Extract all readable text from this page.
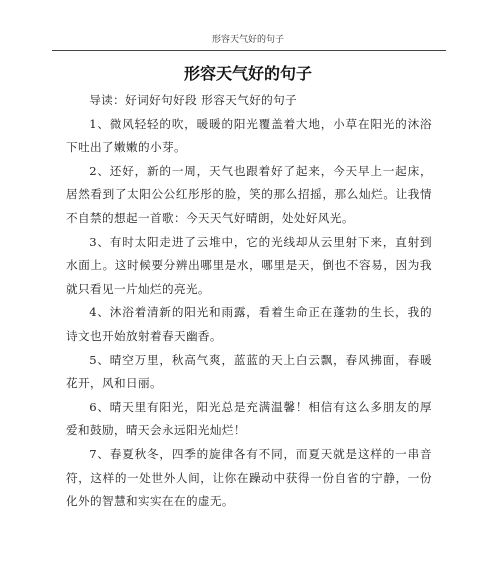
形容天气好的句子
形容天气好的句子

导读：好词好句好段 形容天气好的句子

1、微风轻轻的吹，暖暖的阳光覆盖着大地，小草在阳光的沐浴下吐出了嫩嫩的小芽。

2、还好，新的一周，天气也跟着好了起来，今天早上一起床，居然看到了太阳公公红彤彤的脸，笑的那么招摇，那么灿烂。让我情不自禁的想起一首歌：今天天气好晴朗，处处好风光。

3、有时太阳走进了云堆中，它的光线却从云里射下来，直射到水面上。这时候要分辨出哪里是水，哪里是天，倒也不容易，因为我就只看见一片灿烂的亮光。

4、沐浴着清新的阳光和雨露，看着生命正在蓬勃的生长，我的诗文也开始放射着春天幽香。

5、晴空万里，秋高气爽，蓝蓝的天上白云飘，春风拂面，春暖花开，风和日丽。

6、晴天里有阳光，阳光总是充满温馨！相信有这么多朋友的厚爱和鼓励，晴天会永远阳光灿烂！

7、春夏秋冬，四季的旋律各有不同，而夏天就是这样的一串音符，这样的一处世外人间，让你在躁动中获得一份自省的宁静，一份化外的智慧和实实在在的虚无。
